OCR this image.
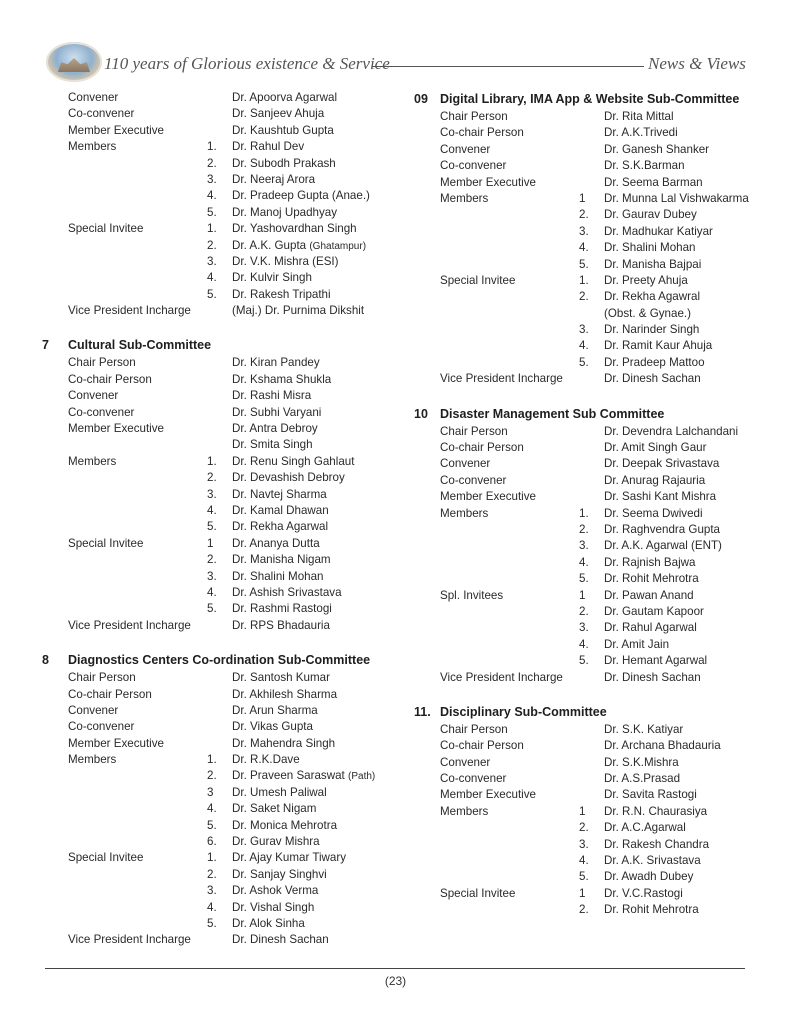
110 years of Glorious existence & Service	News & Views
Convener	Dr. Apoorva Agarwal
Co-convener	Dr. Sanjeev Ahuja
Member Executive	Dr. Kaushtub Gupta
Members	1.	Dr. Rahul Dev
2.	Dr. Subodh Prakash
3.	Dr. Neeraj Arora
4.	Dr. Pradeep Gupta (Anae.)
5.	Dr. Manoj Upadhyay
Special Invitee	1.	Dr. Yashovardhan Singh
2.	Dr. A.K. Gupta (Ghatampur)
3.	Dr. V.K. Mishra (ESI)
4.	Dr. Kulvir Singh
5.	Dr. Rakesh Tripathi
Vice President Incharge	(Maj.) Dr. Purnima Dikshit
7	Cultural Sub-Committee
Chair Person	Dr. Kiran Pandey
Co-chair Person	Dr. Kshama Shukla
Convener	Dr. Rashi Misra
Co-convener	Dr. Subhi Varyani
Member Executive	Dr. Antra Debroy
Dr. Smita Singh
Members	1.	Dr. Renu Singh Gahlaut
2.	Dr. Devashish Debroy
3.	Dr. Navtej Sharma
4.	Dr. Kamal Dhawan
5.	Dr. Rekha Agarwal
Special Invitee	1	Dr. Ananya Dutta
2.	Dr. Manisha Nigam
3.	Dr. Shalini Mohan
4.	Dr. Ashish Srivastava
5.	Dr. Rashmi Rastogi
Vice President Incharge	Dr. RPS Bhadauria
8	Diagnostics Centers Co-ordination Sub-Committee
Chair Person	Dr. Santosh Kumar
Co-chair Person	Dr. Akhilesh Sharma
Convener	Dr. Arun Sharma
Co-convener	Dr. Vikas Gupta
Member Executive	Dr. Mahendra Singh
Members	1.	Dr. R.K.Dave
2.	Dr. Praveen Saraswat (Path)
3	Dr. Umesh Paliwal
4.	Dr. Saket Nigam
5.	Dr. Monica Mehrotra
6.	Dr. Gurav Mishra
Special Invitee	1.	Dr. Ajay Kumar Tiwary
2.	Dr. Sanjay Singhvi
3.	Dr. Ashok Verma
4.	Dr. Vishal Singh
5.	Dr. Alok Sinha
Vice President Incharge	Dr. Dinesh Sachan
09 Digital Library, IMA App & Website Sub-Committee
Chair Person	Dr. Rita Mittal
Co-chair Person	Dr. A.K.Trivedi
Convener	Dr. Ganesh Shanker
Co-convener	Dr. S.K.Barman
Member Executive	Dr. Seema Barman
Members	1	Dr. Munna Lal Vishwakarma
2.	Dr. Gaurav Dubey
3.	Dr. Madhukar Katiyar
4.	Dr. Shalini Mohan
5.	Dr. Manisha Bajpai
Special Invitee	1.	Dr. Preety Ahuja
2.	Dr. Rekha Agawral
(Obst. & Gynae.)
3.	Dr. Narinder Singh
4.	Dr. Ramit Kaur Ahuja
5.	Dr. Pradeep Mattoo
Vice President Incharge	Dr. Dinesh Sachan
10 Disaster Management Sub Committee
Chair Person	Dr. Devendra Lalchandani
Co-chair Person	Dr. Amit Singh Gaur
Convener	Dr. Deepak Srivastava
Co-convener	Dr. Anurag Rajauria
Member Executive	Dr. Sashi Kant Mishra
Members	1.	Dr. Seema Dwivedi
2.	Dr. Raghvendra Gupta
3.	Dr. A.K. Agarwal (ENT)
4.	Dr. Rajnish Bajwa
5.	Dr. Rohit Mehrotra
Spl. Invitees	1	Dr. Pawan Anand
2.	Dr. Gautam Kapoor
3.	Dr. Rahul Agarwal
4.	Dr. Amit Jain
5.	Dr. Hemant Agarwal
Vice President Incharge	Dr. Dinesh Sachan
11. Disciplinary Sub-Committee
Chair Person	Dr. S.K. Katiyar
Co-chair Person	Dr. Archana Bhadauria
Convener	Dr. S.K.Mishra
Co-convener	Dr. A.S.Prasad
Member Executive	Dr. Savita Rastogi
Members	1	Dr. R.N. Chaurasiya
2.	Dr. A.C.Agarwal
3.	Dr. Rakesh Chandra
4.	Dr. A.K. Srivastava
5.	Dr. Awadh Dubey
Special Invitee	1	Dr. V.C.Rastogi
2.	Dr. Rohit Mehrotra
(23)
